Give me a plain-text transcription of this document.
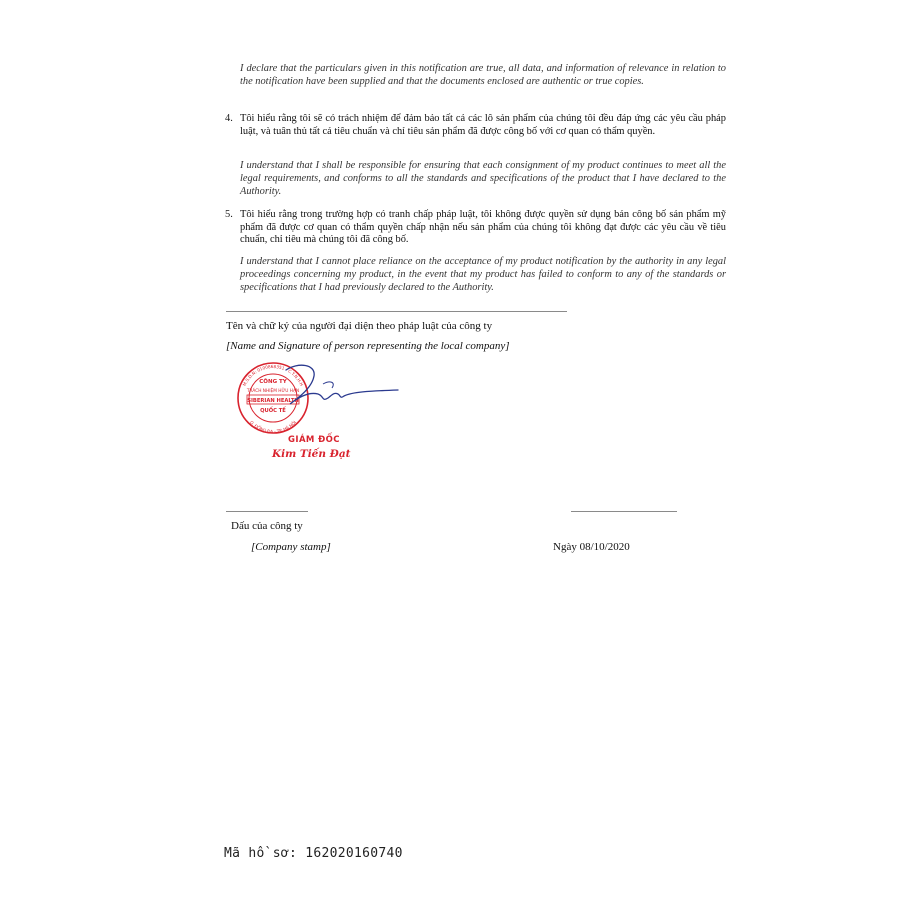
I declare that the particulars given in this notification are true, all data, and information of relevance in relation to the notification have been supplied and that the documents enclosed are authentic or true copies.

4. Tôi hiểu rằng tôi sẽ có trách nhiệm để đảm bảo tất cả các lô sản phẩm của chúng tôi đều đáp ứng các yêu cầu pháp luật, và tuân thủ tất cả tiêu chuẩn và chỉ tiêu sản phẩm đã được công bố với cơ quan có thẩm quyền.

I understand that I shall be responsible for ensuring that each consignment of my product continues to meet all the legal requirements, and conforms to all the standards and specifications of the product that I have declared to the Authority.

5. Tôi hiểu rằng trong trường hợp có tranh chấp pháp luật, tôi không được quyền sử dụng bản công bố sản phẩm mỹ phẩm đã được cơ quan có thẩm quyền chấp nhận nếu sản phẩm của chúng tôi không đạt được các yêu cầu về tiêu chuẩn, chỉ tiêu mà chúng tôi đã công bố.

I understand that I cannot place reliance on the acceptance of my product notification by the authority in any legal proceedings concerning my product, in the event that my product has failed to conform to any of the standards or specifications that I had previously declared to the Authority.

Tên và chữ ký của người đại diện theo pháp luật của công ty
[Name and Signature of person representing the local company]
CÔNG TY
TRÁCH NHIỆM HỮU HẠN
SIBERIAN HEALTH
QUỐC TẾ
M.S.D.N: 0100868351 - C.T.N.H.H
Q. ĐỐNG ĐA - TP. HÀ NỘI
GIÁM ĐỐC
Kim Tiến Đạt
Dấu của công ty
[Company stamp]	Ngày 08/10/2020
Mã hồ sơ: 162020160740
